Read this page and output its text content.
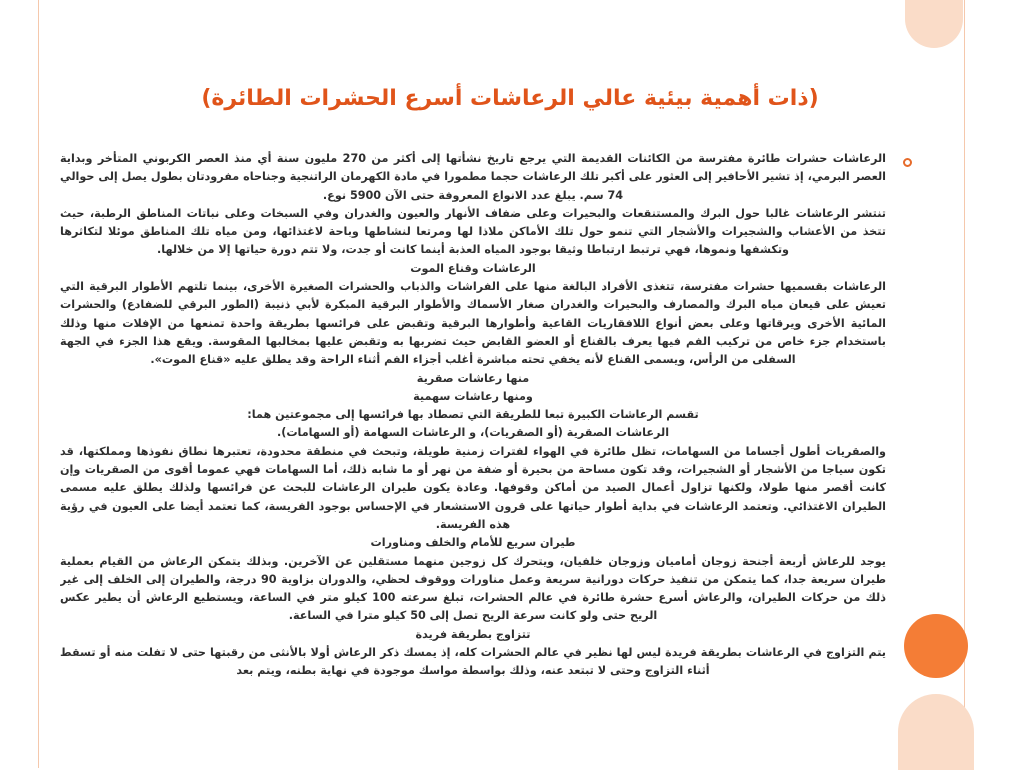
(ذات أهمية بيئية عالي الرعاشات أسرع الحشرات الطائرة)

الرعاشات حشرات طائرة مفترسة من الكائنات القديمة التي يرجع تاريخ نشأتها إلى أكثر من 270 مليون سنة أي منذ العصر الكربوني المتأخر وبداية العصر البرمي، إذ تشير الأحافير إلى العثور على أكبر تلك الرعاشات حجما مطمورا في مادة الكهرمان الراتنجية وجناحاه مفرودتان بطول يصل إلى حوالي 74 سم. يبلغ عدد الانواع المعروفة حتى الآن 5900 نوع.

تنتشر الرعاشات غالبا حول البرك والمستنقعات والبحيرات وعلى ضفاف الأنهار والعيون والغدران وفي السبخات وعلى نباتات المناطق الرطبة، حيث تتخذ من الأعشاب والشجيرات والأشجار التي تنمو حول تلك الأماكن ملاذا لها ومرتعا لنشاطها وباحة لاغتذائها، ومن مياه تلك المناطق موئلا لتكاثرها وتكشفها ونموها، فهي ترتبط ارتباطا وثيقا بوجود المياه العذبة أينما كانت أو جدت، ولا تتم دورة حياتها إلا من خلالها.

الرعاشات وقناع الموت

الرعاشات بقسميها حشرات مفترسة، تتغذى الأفراد البالغة منها على الفراشات والذباب والحشرات الصغيرة الأخرى، بينما تلتهم الأطوار البرقية التي تعيش على قيعان مياه البرك والمصارف والبحيرات والغدران صغار الأسماك والأطوار البرقية المبكرة لأبي ذنيبة (الطور البرقي للضفادع) والحشرات المائية الأخرى ويرقاتها وعلى بعض أنواع اللافقاريات القاعية وأطوارها البرقية وتقبض على فرائسها بطريقة واحدة تمنعها من الإفلات منها وذلك باستخدام جزء خاص من تركيب الفم فيها يعرف بالقناع أو العضو القابض حيث تضربها به وتقبض عليها بمخالبها المقوسة. ويقع هذا الجزء في الجهة السفلى من الرأس، ويسمى القناع لأنه يخفي تحته مباشرة أغلب أجزاء الفم أثناء الراحة وقد يطلق عليه «قناع الموت».

منها رعاشات صقرية

ومنها رعاشات سهمية

تقسم الرعاشات الكبيرة تبعا للطريقة التي تصطاد بها فرائسها إلى مجموعتين هما:

الرعاشات الصقرية (أو الصقريات)، و الرعاشات السهامة (أو السهامات).

والصقريات أطول أجساما من السهامات، تظل طائرة في الهواء لفترات زمنية طويلة، وتبحث في منطقة محدودة، تعتبرها نطاق نفوذها ومملكتها، قد تكون سياجا من الأشجار أو الشجيرات، وقد تكون مساحة من بحيرة أو ضفة من نهر أو ما شابه ذلك، أما السهامات فهي عموما أقوى من الصقريات وإن كانت أقصر منها طولا، ولكنها تزاول أعمال الصيد من أماكن وقوفها. وعادة يكون طيران الرعاشات للبحث عن فرائسها ولذلك يطلق عليه مسمى الطيران الاغتذائي. وتعتمد الرعاشات في بداية أطوار حياتها على قرون الاستشعار في الإحساس بوجود الفريسة، كما تعتمد أيضا على العيون في رؤية هذه الفريسة.

طيران سريع للأمام والخلف ومناورات

يوجد للرعاش أربعة أجنحة زوجان أماميان وزوجان خلفيان، ويتحرك كل زوجين منهما مستقلين عن الآخرين. وبذلك يتمكن الرعاش من القيام بعملية طيران سريعة جدا، كما يتمكن من تنفيذ حركات دورانية سريعة وعمل مناورات ووقوف لحظي، والدوران بزاوية 90 درجة، والطيران إلى الخلف إلى غير ذلك من حركات الطيران، والرعاش أسرع حشرة طائرة في عالم الحشرات، تبلغ سرعته 100 كيلو متر في الساعة، ويستطيع الرعاش أن يطير عكس الريح حتى ولو كانت سرعة الريح تصل إلى 50 كيلو مترا في الساعة.

تتزاوج بطريقة فريدة

يتم التزاوج في الرعاشات بطريقة فريدة ليس لها نظير في عالم الحشرات كله، إذ يمسك ذكر الرعاش أولا بالأنثى من رقبتها حتى لا تفلت منه أو تسقط أثناء التزاوج وحتى لا تبتعد عنه، وذلك بواسطة مواسك موجودة في نهاية بطنه، ويتم بعد
